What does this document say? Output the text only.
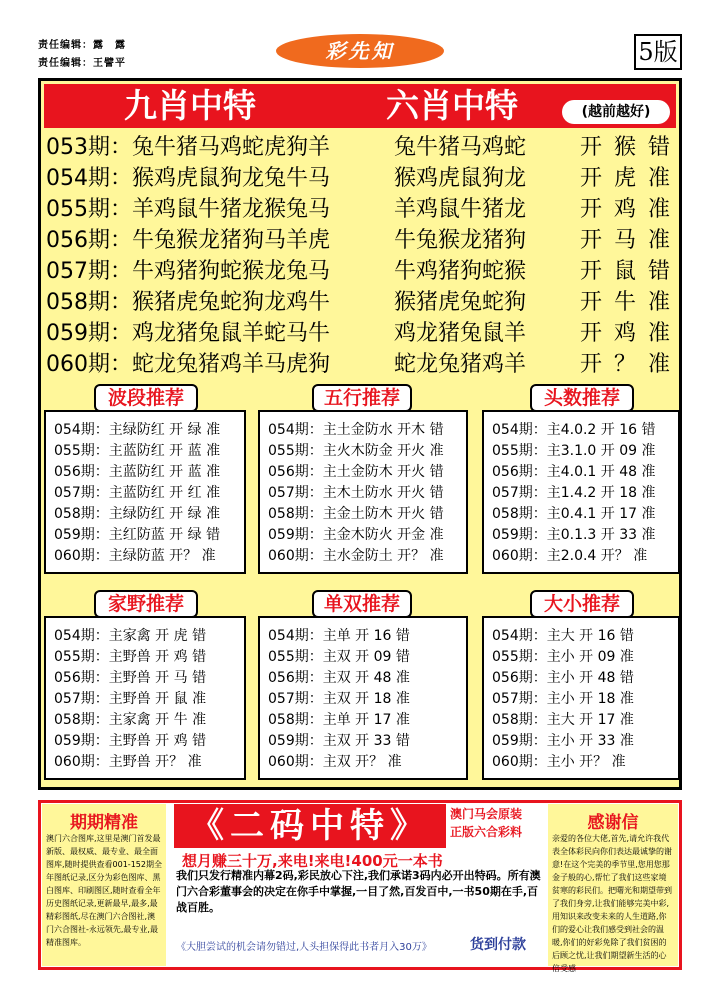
责任编辑：露　露
责任编辑：王譬平
彩先知	5版
九肖中特	六肖中特	(越前越好)
053期：兔牛猪马鸡蛇虎狗羊	兔牛猪马鸡蛇 开 猴 错
054期：猴鸡虎鼠狗龙兔牛马	猴鸡虎鼠狗龙 开 虎 准
055期：羊鸡鼠牛猪龙猴兔马	羊鸡鼠牛猪龙 开 鸡 准
056期：牛兔猴龙猪狗马羊虎	牛兔猴龙猪狗 开 马 准
057期：牛鸡猪狗蛇猴龙兔马	牛鸡猪狗蛇猴 开 鼠 错
058期：猴猪虎兔蛇狗龙鸡牛	猴猪虎兔蛇狗 开 牛 准
059期：鸡龙猪兔鼠羊蛇马牛	鸡龙猪兔鼠羊 开 鸡 准
060期：蛇龙兔猪鸡羊马虎狗	蛇龙兔猪鸡羊 开 ？ 准
波段推荐
054期：主绿防红 开 绿 准
055期：主蓝防红 开 蓝 准
056期：主蓝防红 开 蓝 准
057期：主蓝防红 开 红 准
058期：主绿防红 开 绿 准
059期：主红防蓝 开 绿 错
060期：主绿防蓝 开？ 准
五行推荐
054期：主土金防水 开木 错
055期：主火木防金 开火 准
056期：主土金防木 开火 错
057期：主木土防水 开火 错
058期：主金土防木 开火 错
059期：主金木防火 开金 准
060期：主水金防土 开？ 准
头数推荐
054期：主4.0.2 开 16 错
055期：主3.1.0 开 09 准
056期：主4.0.1 开 48 准
057期：主1.4.2 开 18 准
058期：主0.4.1 开 17 准
059期：主0.1.3 开 33 准
060期：主2.0.4 开？ 准
家野推荐
054期：主家禽 开 虎 错
055期：主野兽 开 鸡 错
056期：主野兽 开 马 错
057期：主野兽 开 鼠 准
058期：主家禽 开 牛 准
059期：主野兽 开 鸡 错
060期：主野兽 开？ 准
单双推荐
054期：主单 开 16 错
055期：主双 开 09 错
056期：主双 开 48 准
057期：主双 开 18 准
058期：主单 开 17 准
059期：主双 开 33 错
060期：主双 开？ 准
大小推荐
054期：主大 开 16 错
055期：主小 开 09 准
056期：主小 开 48 错
057期：主小 开 18 准
058期：主大 开 17 准
059期：主小 开 33 准
060期：主小 开？ 准
期期精准
澳门六合图库,这里是澳门首发最新版、最权威、最专业、最全面图库,随时提供查看001-152期全年图纸记录,区分为彩色图库、黑白图库、印刷图区,随时查看全年历史图纸记录,更新最早,最多,最精彩图纸,尽在澳门六合图社,澳门六合图社-永远领先,最专业,最精准图库。
《二码中特》	澳门马会原装
正版六合彩料
想月赚三十万,来电!来电!400元一本书
我们只发行精准内幕2码,彩民放心下注,我们承诺3码内必开出特码。所有澳门六合彩董事会的决定在你手中掌握,一目了然,百发百中,一书50期在手,百战百胜。
《大胆尝试的机会请勿错过,人头担保得此书者月入30万》	货到付款
感谢信
亲爱的各位大佬,首先,请允许我代表全体彩民向你们表达最诚挚的谢意!在这个完美的季节里,您用您那金子般的心,帮忙了我们这些家境贫寒的彩民们。把曙光和期望带到了我们身旁,让我们能够完美中彩,用知识来改变未来的人生道路,你们的爱心让我们感受到社会的温暖,你们的好彩免除了我们贫困的后顾之忧,让我们期望新生活的心倍受感
